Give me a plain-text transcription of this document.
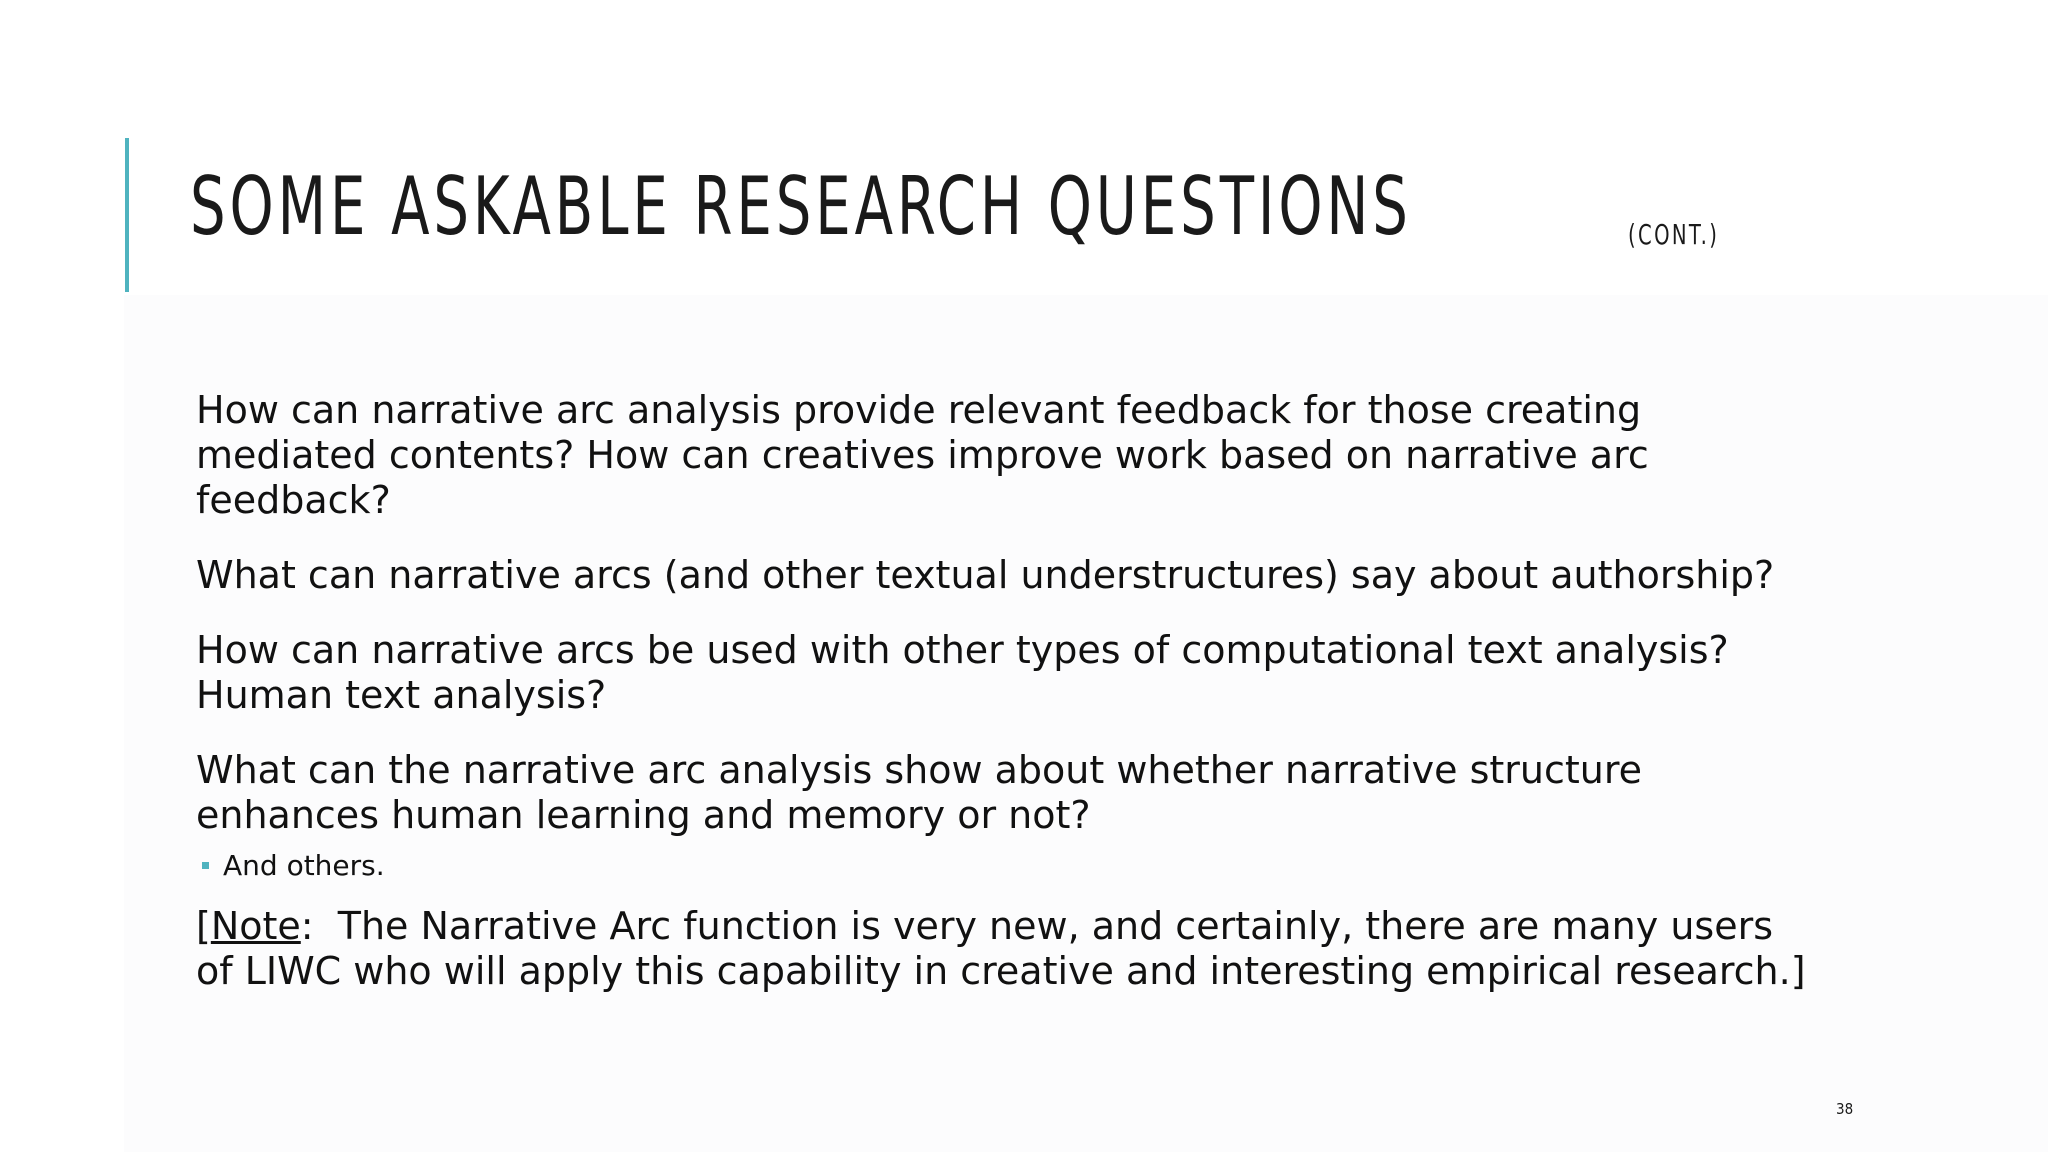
SOME ASKABLE RESEARCH QUESTIONS	(CONT.)

How can narrative arc analysis provide relevant feedback for those creating mediated contents? How can creatives improve work based on narrative arc feedback?

What can narrative arcs (and other textual understructures) say about authorship?

How can narrative arcs be used with other types of computational text analysis? Human text analysis?

What can the narrative arc analysis show about whether narrative structure enhances human learning and memory or not?

And others.

[Note:  The Narrative Arc function is very new, and certainly, there are many users of LIWC who will apply this capability in creative and interesting empirical research.]

38
